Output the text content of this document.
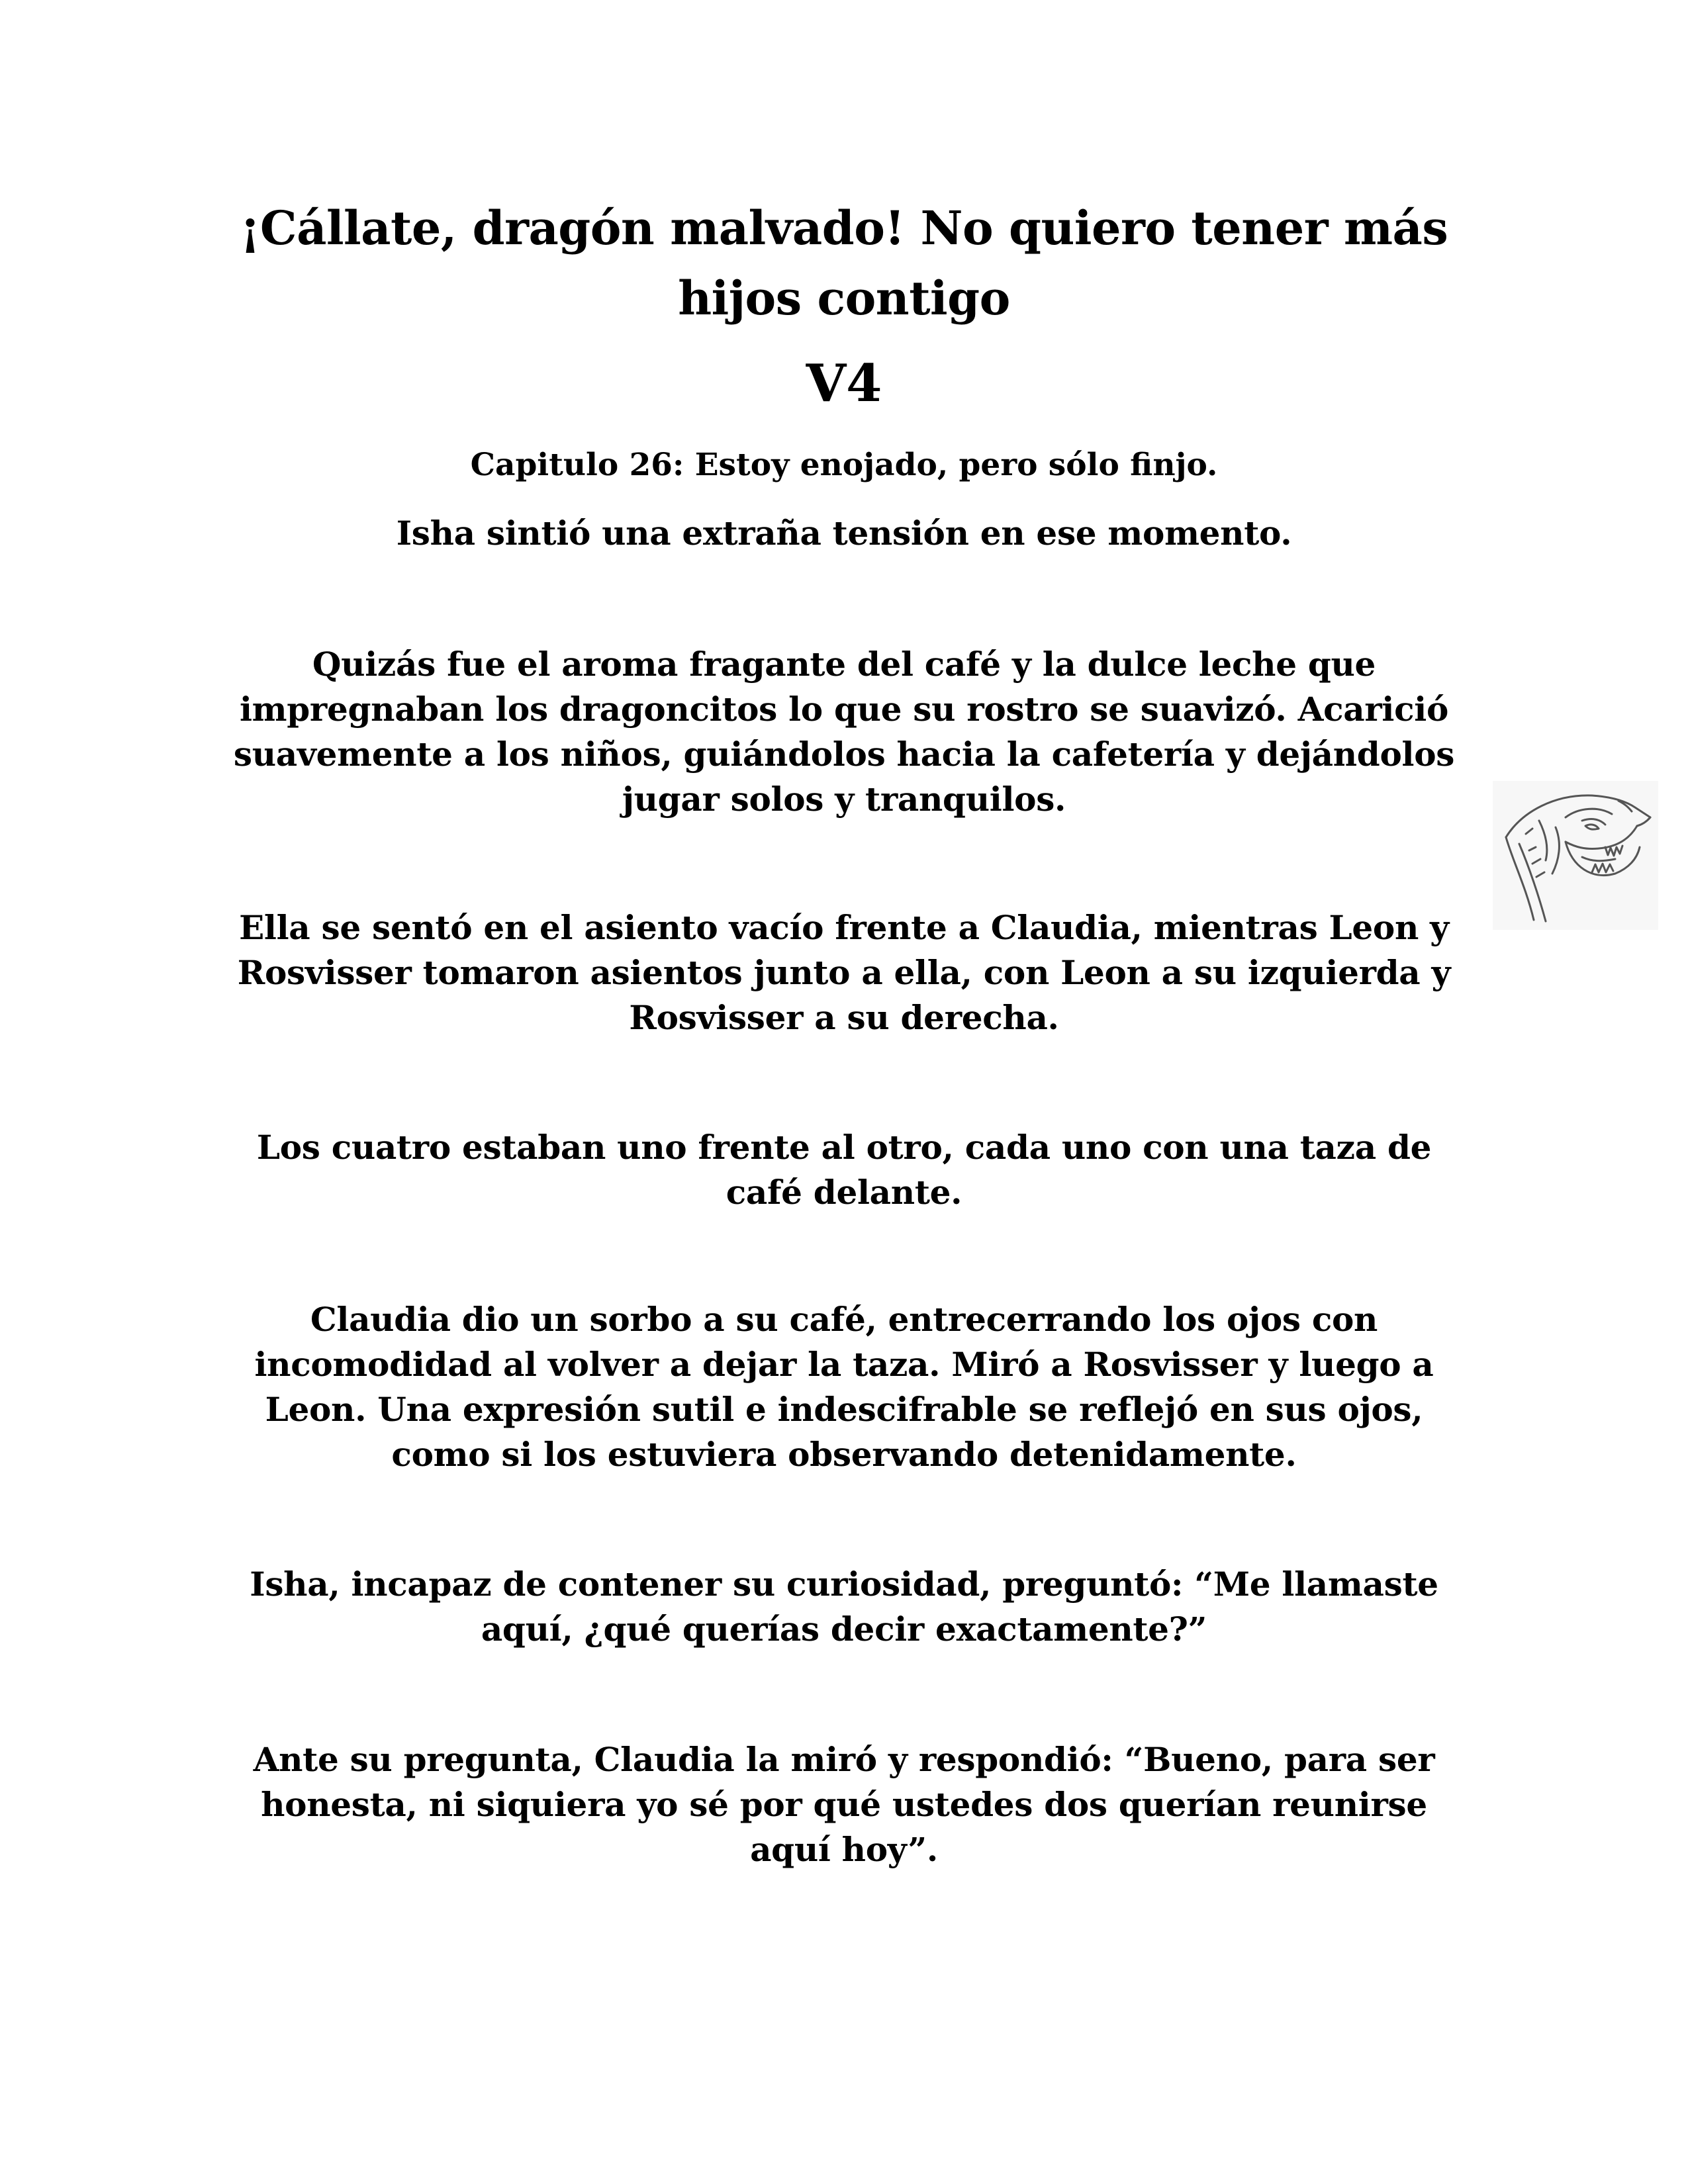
¡Cállate, dragón malvado! No quiero tener más hijos contigo
V4
Capitulo 26: Estoy enojado, pero sólo finjo.

Isha sintió una extraña tensión en ese momento.

Quizás fue el aroma fragante del café y la dulce leche que impregnaban los dragoncitos lo que su rostro se suavizó. Acarició suavemente a los niños, guiándolos hacia la cafetería y dejándolos jugar solos y tranquilos.

Ella se sentó en el asiento vacío frente a Claudia, mientras Leon y Rosvisser tomaron asientos junto a ella, con Leon a su izquierda y Rosvisser a su derecha.

Los cuatro estaban uno frente al otro, cada uno con una taza de café delante.

Claudia dio un sorbo a su café, entrecerrando los ojos con incomodidad al volver a dejar la taza. Miró a Rosvisser y luego a Leon. Una expresión sutil e indescifrable se reflejó en sus ojos, como si los estuviera observando detenidamente.

Isha, incapaz de contener su curiosidad, preguntó: “Me llamaste aquí, ¿qué querías decir exactamente?”

Ante su pregunta, Claudia la miró y respondió: “Bueno, para ser honesta, ni siquiera yo sé por qué ustedes dos querían reunirse aquí hoy”.
